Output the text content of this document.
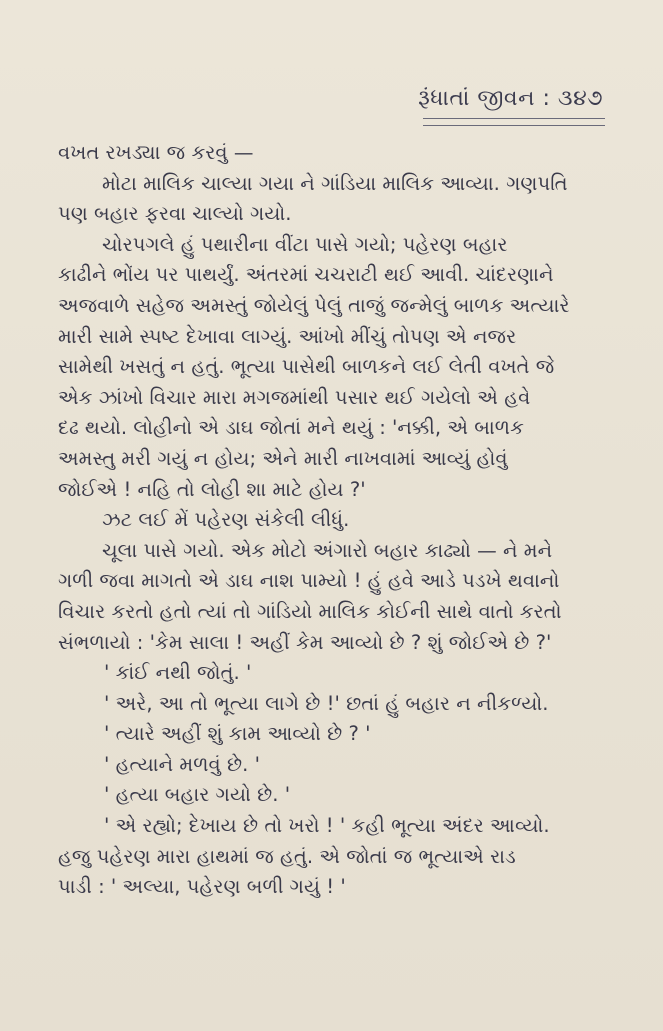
રૂંધાતાં જીવન : ૩૪૭

વખત રખડ્યા જ કરવું —

મોટા માલિક ચાલ્યા ગયા ને ગાંડિયા માલિક આવ્યા. ગણપતિ

પણ બહાર ફરવા ચાલ્યો ગયો.

ચોરપગલે હું પથારીના વીંટા પાસે ગયો; પહેરણ બહાર

કાઢીને ભોંય પર પાથર્યું. અંતરમાં ચચરાટી થઈ આવી. ચાંદરણાને

અજવાળે સહેજ અમસ્તું જોયેલું પેલું તાજું જન્મેલું બાળક અત્યારે

મારી સામે સ્પષ્ટ દેખાવા લાગ્યું. આંખો મીંચું તોપણ એ નજર

સામેથી ખસતું ન હતું. ભૂત્યા પાસેથી બાળકને લઈ લેતી વખતે જે

એક ઝાંખો વિચાર મારા મગજમાંથી પસાર થઈ ગયેલો એ હવે

દઢ થયો. લોહીનો એ ડાઘ જોતાં મને થયું : 'નક્કી, એ બાળક

અમસ્તુ મરી ગયું ન હોય; એને મારી નાખવામાં આવ્યું હોવું

જોઈએ ! નહિ તો લોહી શા માટે હોય ?'

ઝટ લઈ મેં પહેરણ સંકેલી લીધું.

ચૂલા પાસે ગયો. એક મોટો અંગારો બહાર કાઢ્યો — ને મને

ગળી જવા માગતો એ ડાઘ નાશ પામ્યો ! હું હવે આડે પડખે થવાનો

વિચાર કરતો હતો ત્યાં તો ગાંડિયો માલિક કોઈની સાથે વાતો કરતો

સંભળાયો : 'કેમ સાલા ! અહીં કેમ આવ્યો છે ? શું જોઈએ છે ?'

' કાંઈ નથી જોતું. '

' અરે, આ તો ભૂત્યા લાગે છે !' છતાં હું બહાર ન નીકળ્યો.

' ત્યારે અહીં શું કામ આવ્યો છે ? '

' હત્યાને મળવું છે. '

' હત્યા બહાર ગયો છે. '

' એ રહ્યો; દેખાય છે તો ખરો ! ' કહી ભૂત્યા અંદર આવ્યો.

હજુ પહેરણ મારા હાથમાં જ હતું. એ જોતાં જ ભૂત્યાએ રાડ

પાડી : ' અલ્યા, પહેરણ બળી ગયું ! '
